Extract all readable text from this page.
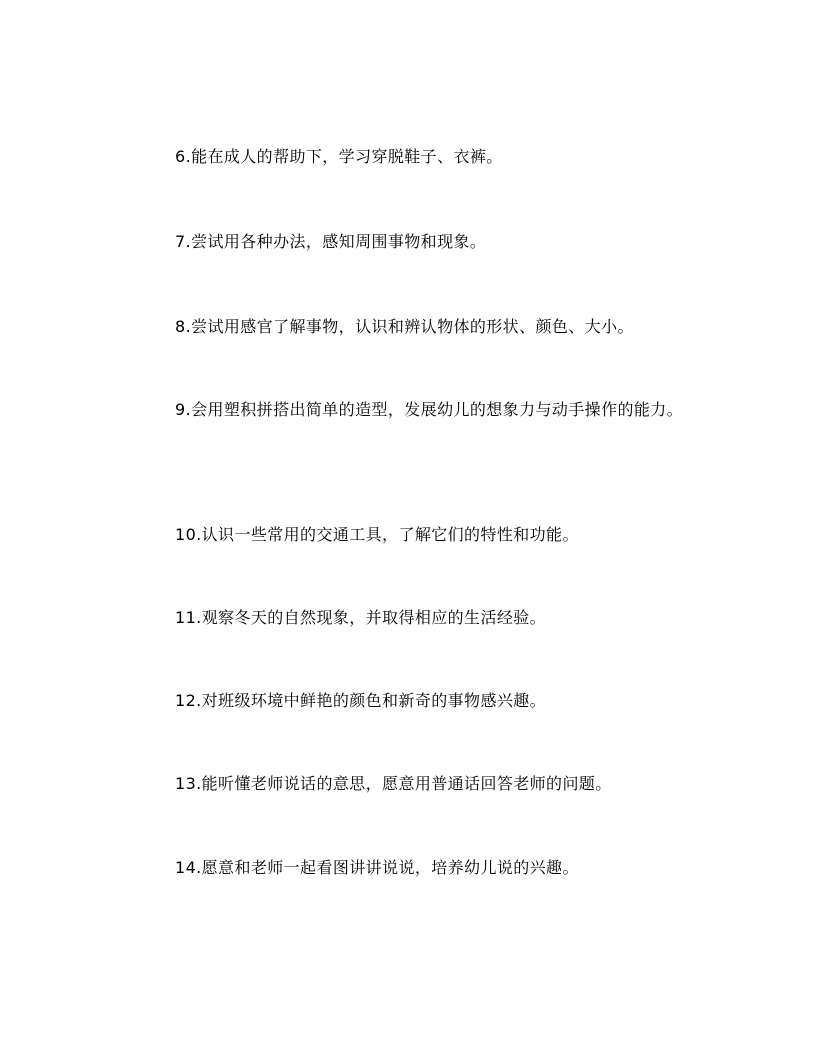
6.能在成人的帮助下，学习穿脱鞋子、衣裤。

7.尝试用各种办法，感知周围事物和现象。

8.尝试用感官了解事物，认识和辨认物体的形状、颜色、大小。

9.会用塑积拼搭出简单的造型，发展幼儿的想象力与动手操作的能力。

10.认识一些常用的交通工具，了解它们的特性和功能。

11.观察冬天的自然现象，并取得相应的生活经验。

12.对班级环境中鲜艳的颜色和新奇的事物感兴趣。

13.能听懂老师说话的意思，愿意用普通话回答老师的问题。

14.愿意和老师一起看图讲讲说说，培养幼儿说的兴趣。
